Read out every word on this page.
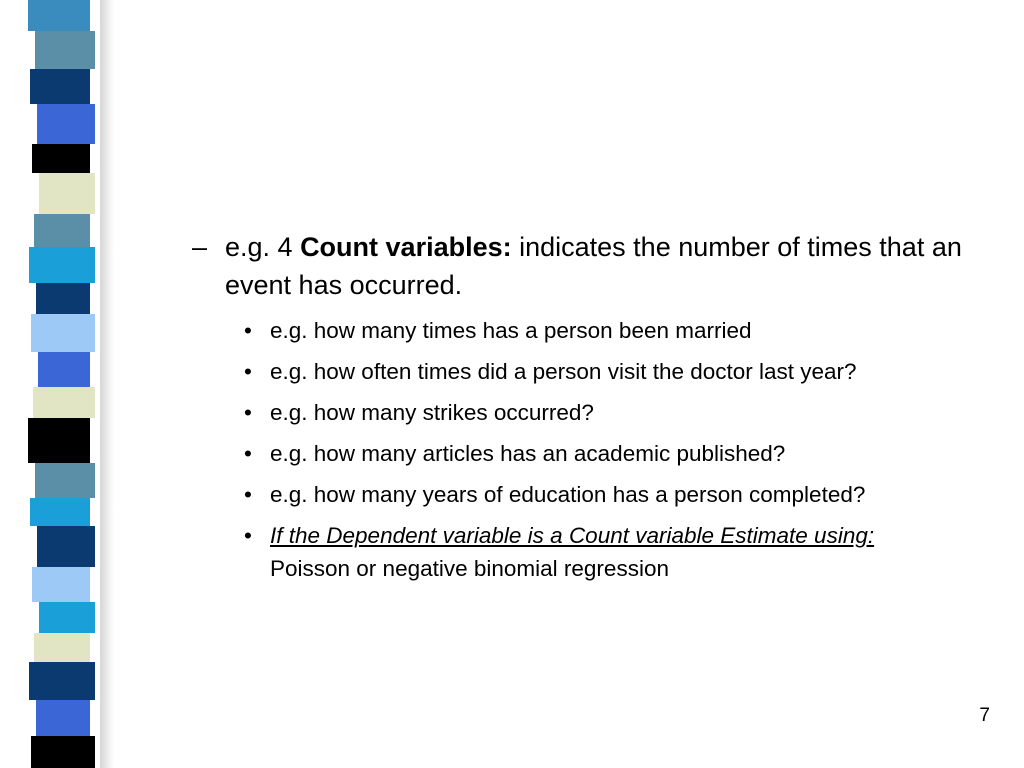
– e.g. 4 Count variables: indicates the number of times that an event has occurred.
• e.g. how many times has a person been married
• e.g. how often times did a person visit the doctor last year?
• e.g. how many strikes occurred?
• e.g. how many articles has an academic published?
• e.g. how many years of education has a person completed?
• If the Dependent variable is a Count variable Estimate using: Poisson or negative binomial regression
7
